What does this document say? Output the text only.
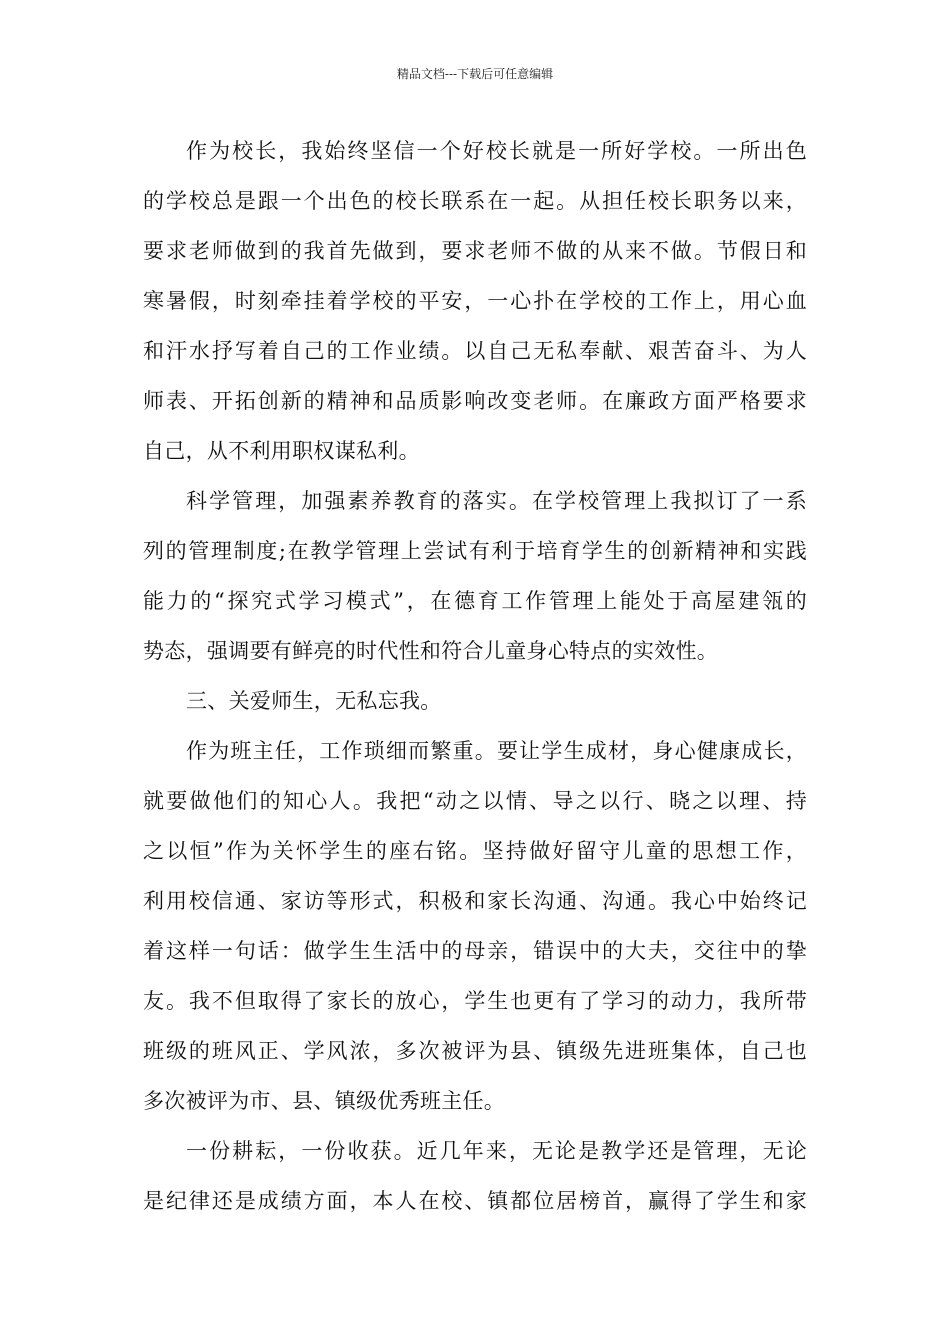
精品文档---下载后可任意编辑

作为校长，我始终坚信一个好校长就是一所好学校。一所出色
的学校总是跟一个出色的校长联系在一起。从担任校长职务以来，
要求老师做到的我首先做到，要求老师不做的从来不做。节假日和
寒暑假，时刻牵挂着学校的平安，一心扑在学校的工作上，用心血
和汗水抒写着自己的工作业绩。以自己无私奉献、艰苦奋斗、为人
师表、开拓创新的精神和品质影响改变老师。在廉政方面严格要求
自己，从不利用职权谋私利。

科学管理，加强素养教育的落实。在学校管理上我拟订了一系
列的管理制度;在教学管理上尝试有利于培育学生的创新精神和实践
能力的“探究式学习模式”，在德育工作管理上能处于高屋建瓴的
势态，强调要有鲜亮的时代性和符合儿童身心特点的实效性。

三、关爱师生，无私忘我。

作为班主任，工作琐细而繁重。要让学生成材，身心健康成长，
就要做他们的知心人。我把“动之以情、导之以行、晓之以理、持
之以恒”作为关怀学生的座右铭。坚持做好留守儿童的思想工作，
利用校信通、家访等形式，积极和家长沟通、沟通。我心中始终记
着这样一句话：做学生生活中的母亲，错误中的大夫，交往中的挚
友。我不但取得了家长的放心，学生也更有了学习的动力，我所带
班级的班风正、学风浓，多次被评为县、镇级先进班集体，自己也
多次被评为市、县、镇级优秀班主任。

一份耕耘，一份收获。近几年来，无论是教学还是管理，无论
是纪律还是成绩方面，本人在校、镇都位居榜首，赢得了学生和家
